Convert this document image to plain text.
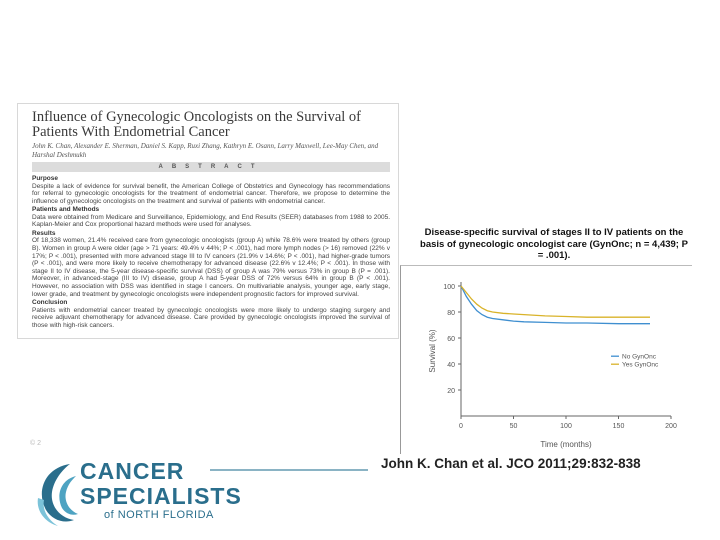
Influence of Gynecologic Oncologists on the Survival of Patients With Endometrial Cancer
John K. Chan, Alexander E. Sherman, Daniel S. Kapp, Ruxi Zhang, Kathryn E. Osann, Larry Maxwell, Lee-May Chen, and Harshal Deshmukh
ABSTRACT
Purpose
Despite a lack of evidence for survival benefit, the American College of Obstetrics and Gynecology has recommendations for referral to gynecologic oncologists for the treatment of endometrial cancer. Therefore, we propose to determine the influence of gynecologic oncologists on the treatment and survival of patients with endometrial cancer.
Patients and Methods
Data were obtained from Medicare and Surveillance, Epidemiology, and End Results (SEER) databases from 1988 to 2005. Kaplan-Meier and Cox proportional hazard methods were used for analyses.
Results
Of 18,338 women, 21.4% received care from gynecologic oncologists (group A) while 78.6% were treated by others (group B). Women in group A were older (age > 71 years: 49.4% v 44%; P < .001), had more lymph nodes (> 16) removed (22% v 17%; P < .001), presented with more advanced stage III to IV cancers (21.9% v 14.6%; P < .001), had higher-grade tumors (P < .001), and were more likely to receive chemotherapy for advanced disease (22.6% v 12.4%; P < .001). In those with stage II to IV disease, the 5-year disease-specific survival (DSS) of group A was 79% versus 73% in group B (P = .001). Moreover, in advanced-stage (III to IV) disease, group A had 5-year DSS of 72% versus 64% in group B (P < .001). However, no association with DSS was identified in stage I cancers. On multivariable analysis, younger age, early stage, lower grade, and treatment by gynecologic oncologists were independent prognostic factors for improved survival.
Conclusion
Patients with endometrial cancer treated by gynecologic oncologists were more likely to undergo staging surgery and receive adjuvant chemotherapy for advanced disease. Care provided by gynecologic oncologists improved the survival of those with high-risk cancers.
Disease-specific survival of stages II to IV patients on the basis of gynecologic oncologist care (GynOnc; n = 4,439; P = .001).
20
40
60
80
100
0	50	100	150	200
Time (months)
Survival (%)	No GynOnc
Yes GynOnc
© 2
CANCER
SPECIALISTS
of NORTH FLORIDA
John K. Chan et al. JCO 2011;29:832-838
